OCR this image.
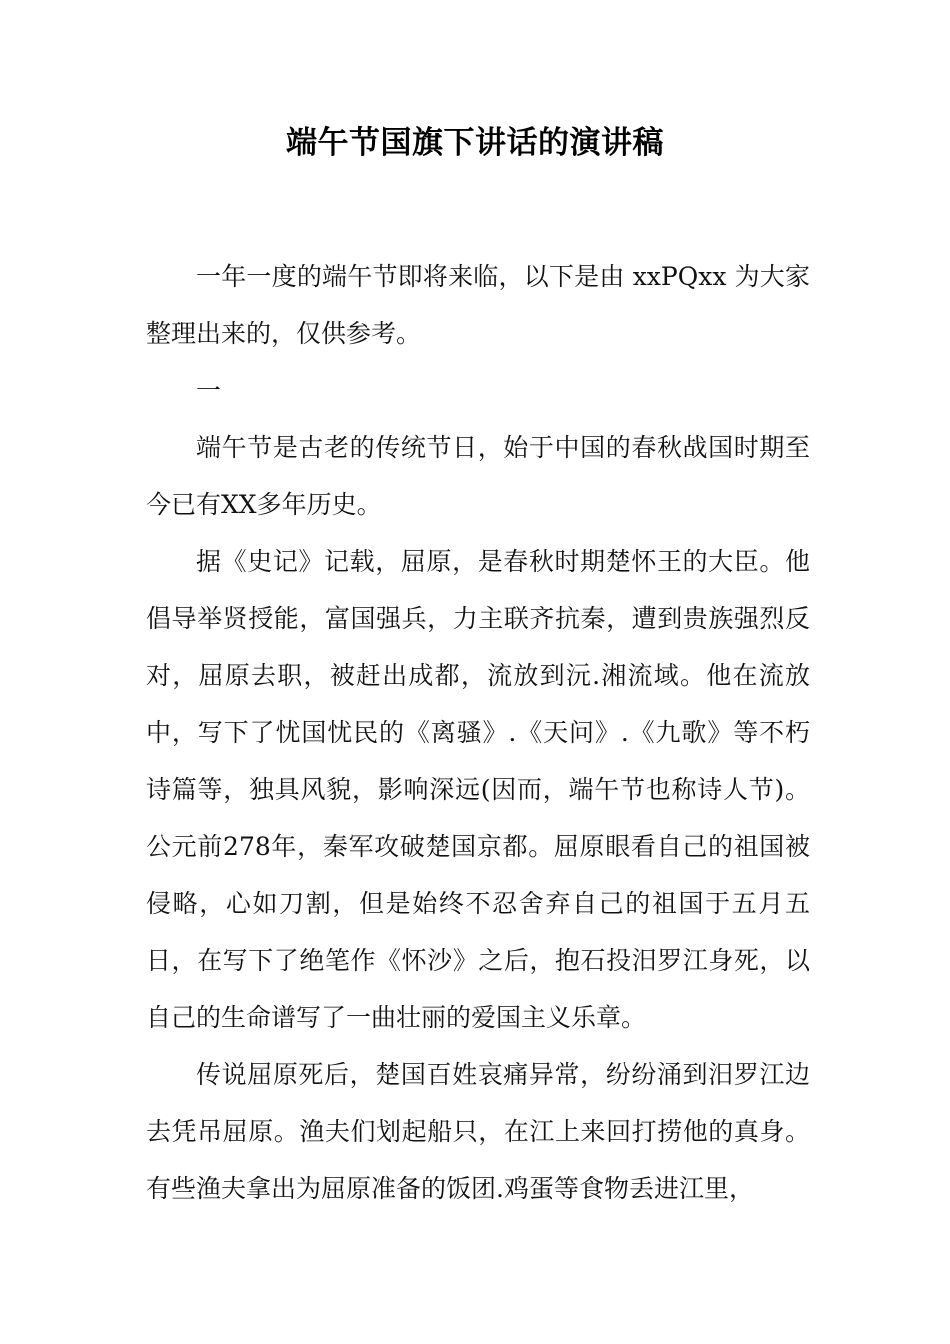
端午节国旗下讲话的演讲稿

一年一度的端午节即将来临，以下是由 xxPQxx 为大家整理出来的，仅供参考。

一

端午节是古老的传统节日，始于中国的春秋战国时期至今已有XX多年历史。

据《史记》记载，屈原，是春秋时期楚怀王的大臣。他倡导举贤授能，富国强兵，力主联齐抗秦，遭到贵族强烈反对，屈原去职，被赶出成都，流放到沅.湘流域。他在流放中，写下了忧国忧民的《离骚》.《天问》.《九歌》等不朽诗篇等，独具风貌，影响深远(因而，端午节也称诗人节)。公元前278年，秦军攻破楚国京都。屈原眼看自己的祖国被侵略，心如刀割，但是始终不忍舍弃自己的祖国于五月五日，在写下了绝笔作《怀沙》之后，抱石投汨罗江身死，以自己的生命谱写了一曲壮丽的爱国主义乐章。

传说屈原死后，楚国百姓哀痛异常，纷纷涌到汨罗江边去凭吊屈原。渔夫们划起船只，在江上来回打捞他的真身。有些渔夫拿出为屈原准备的饭团.鸡蛋等食物丢进江里，
